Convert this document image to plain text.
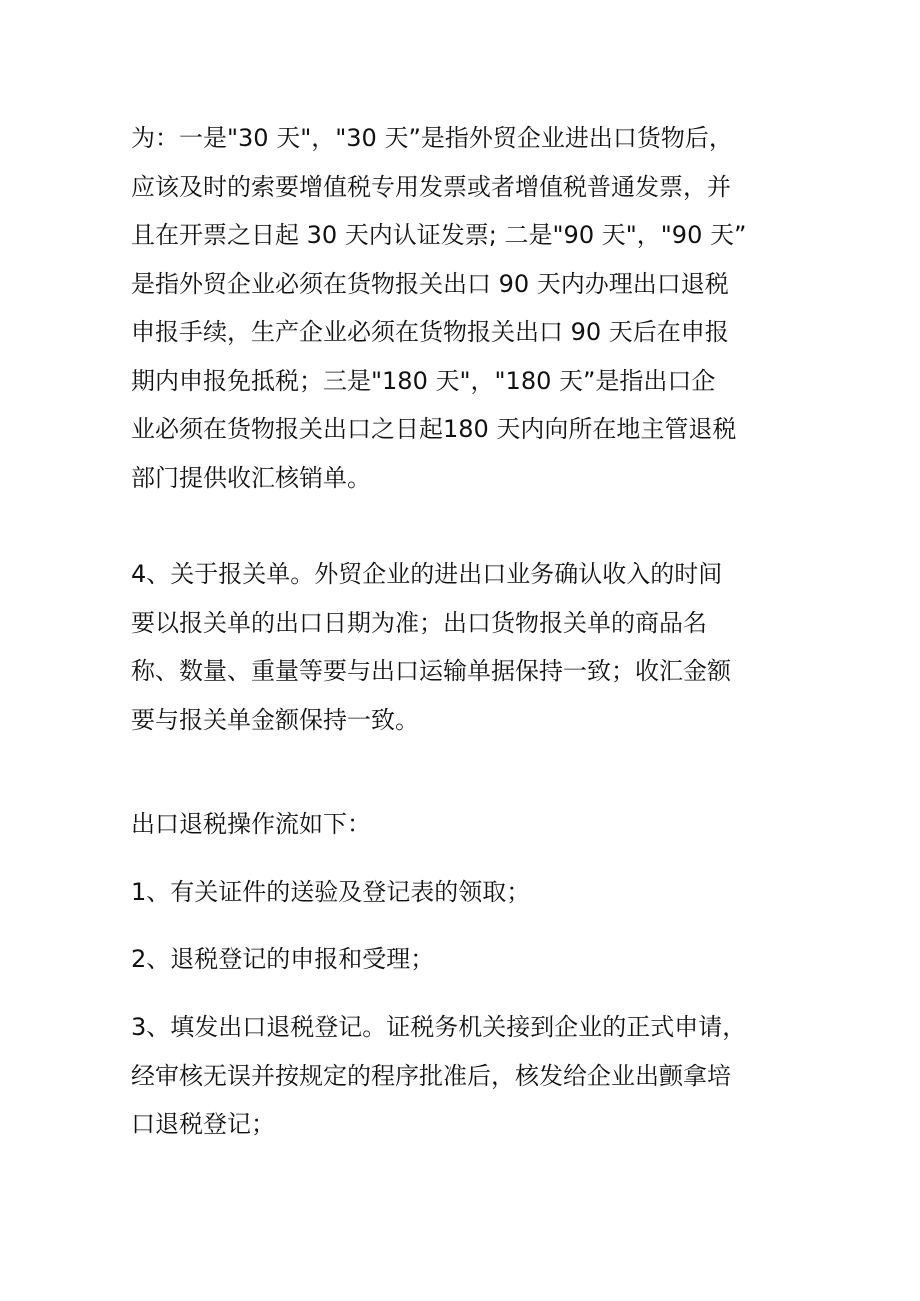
为：一是"30 天"，"30 天”是指外贸企业进出口货物后，
应该及时的索要增值税专用发票或者增值税普通发票，并
且在开票之日起 30 天内认证发票; 二是"90 天"，"90 天”
是指外贸企业必须在货物报关出口 90 天内办理出口退税
申报手续，生产企业必须在货物报关出口 90 天后在申报
期内申报免抵税；三是"180 天"，"180 天”是指出口企
业必须在货物报关出口之日起180 天内向所在地主管退税
部门提供收汇核销单。
4、关于报关单。外贸企业的进出口业务确认收入的时间
要以报关单的出口日期为准；出口货物报关单的商品名
称、数量、重量等要与出口运输单据保持一致；收汇金额
要与报关单金额保持一致。
出口退税操作流如下：
1、有关证件的送验及登记表的领取；
2、退税登记的申报和受理；
3、填发出口退税登记。证税务机关接到企业的正式申请，
经审核无误并按规定的程序批准后，核发给企业出颤拿培
口退税登记；
